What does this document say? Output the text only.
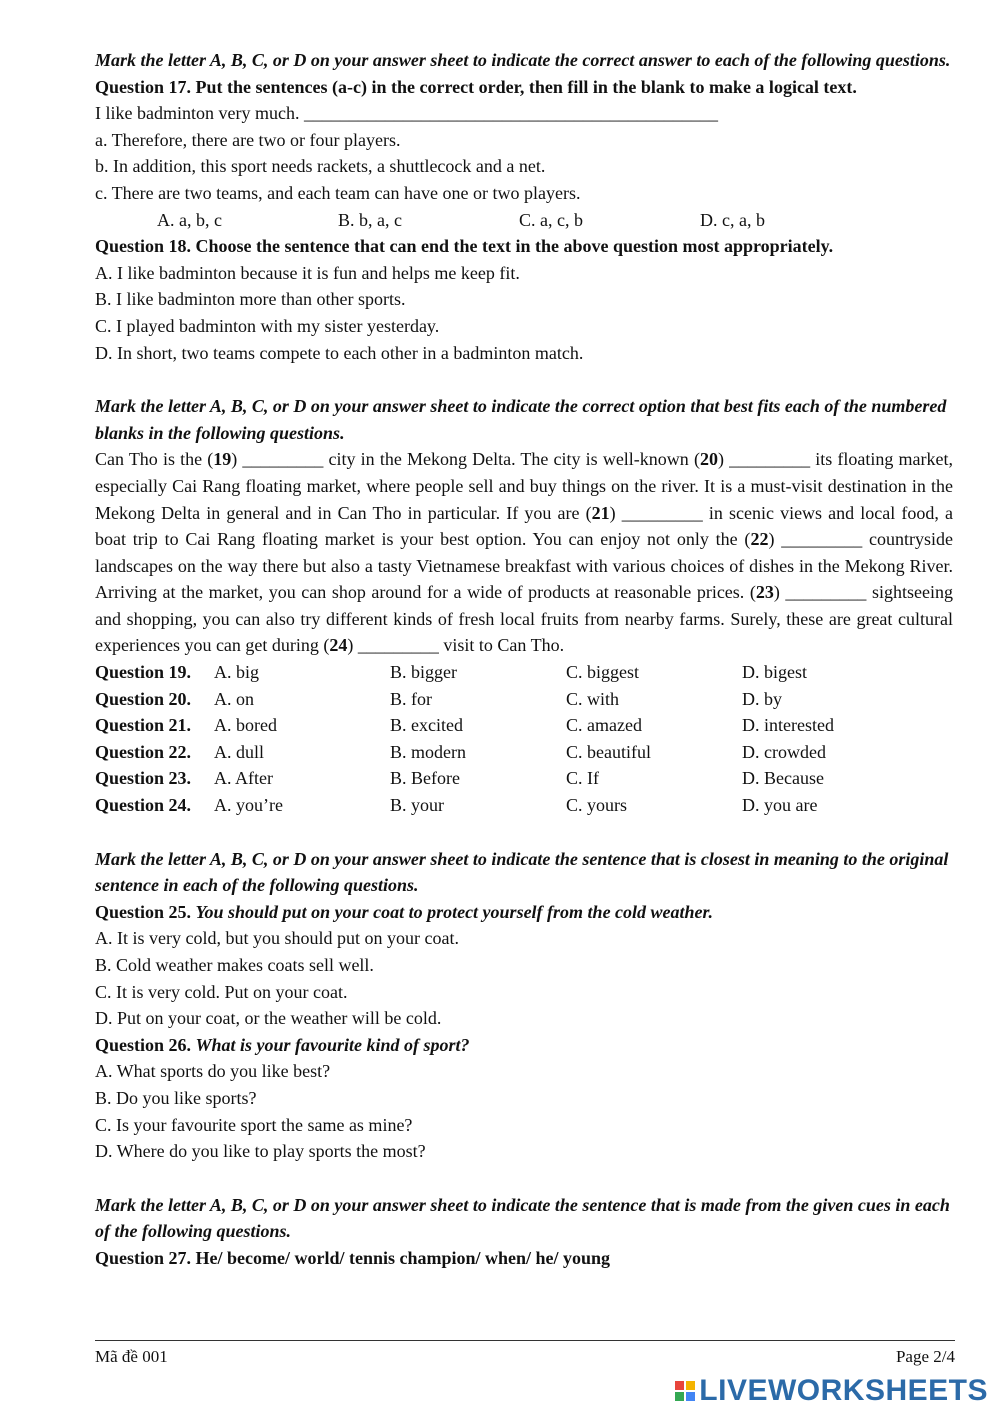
Mark the letter A, B, C, or D on your answer sheet to indicate the correct answer to each of the following questions.
Question 17. Put the sentences (a-c) in the correct order, then fill in the blank to make a logical text.
I like badminton very much. ______________________________________________
a. Therefore, there are two or four players.
b. In addition, this sport needs rackets, a shuttlecock and a net.
c. There are two teams, and each team can have one or two players.
A. a, b, c	B. b, a, c	C. a, c, b	D. c, a, b
Question 18. Choose the sentence that can end the text in the above question most appropriately.
A. I like badminton because it is fun and helps me keep fit.
B. I like badminton more than other sports.
C. I played badminton with my sister yesterday.
D. In short, two teams compete to each other in a badminton match.
Mark the letter A, B, C, or D on your answer sheet to indicate the correct option that best fits each of the numbered blanks in the following questions.
Can Tho is the (19) _________ city in the Mekong Delta. The city is well-known (20) _________ its floating market, especially Cai Rang floating market, where people sell and buy things on the river. It is a must-visit destination in the Mekong Delta in general and in Can Tho in particular. If you are (21) _________ in scenic views and local food, a boat trip to Cai Rang floating market is your best option. You can enjoy not only the (22) _________ countryside landscapes on the way there but also a tasty Vietnamese breakfast with various choices of dishes in the Mekong River. Arriving at the market, you can shop around for a wide of products at reasonable prices. (23) _________ sightseeing and shopping, you can also try different kinds of fresh local fruits from nearby farms. Surely, these are great cultural experiences you can get during (24) _________ visit to Can Tho.
Question 19.	A. big	B. bigger	C. biggest	D. bigest
Question 20.	A. on	B. for	C. with	D. by
Question 21.	A. bored	B. excited	C. amazed	D. interested
Question 22.	A. dull	B. modern	C. beautiful	D. crowded
Question 23.	A. After	B. Before	C. If	D. Because
Question 24.	A. you’re	B. your	C. yours	D. you are
Mark the letter A, B, C, or D on your answer sheet to indicate the sentence that is closest in meaning to the original sentence in each of the following questions.
Question 25. You should put on your coat to protect yourself from the cold weather.
A. It is very cold, but you should put on your coat.
B. Cold weather makes coats sell well.
C. It is very cold. Put on your coat.
D. Put on your coat, or the weather will be cold.
Question 26. What is your favourite kind of sport?
A. What sports do you like best?
B. Do you like sports?
C. Is your favourite sport the same as mine?
D. Where do you like to play sports the most?
Mark the letter A, B, C, or D on your answer sheet to indicate the sentence that is made from the given cues in each of the following questions.
Question 27. He/ become/ world/ tennis champion/ when/ he/ young
Mã đề 001	Page 2/4
LIVEWORKSHEETS
